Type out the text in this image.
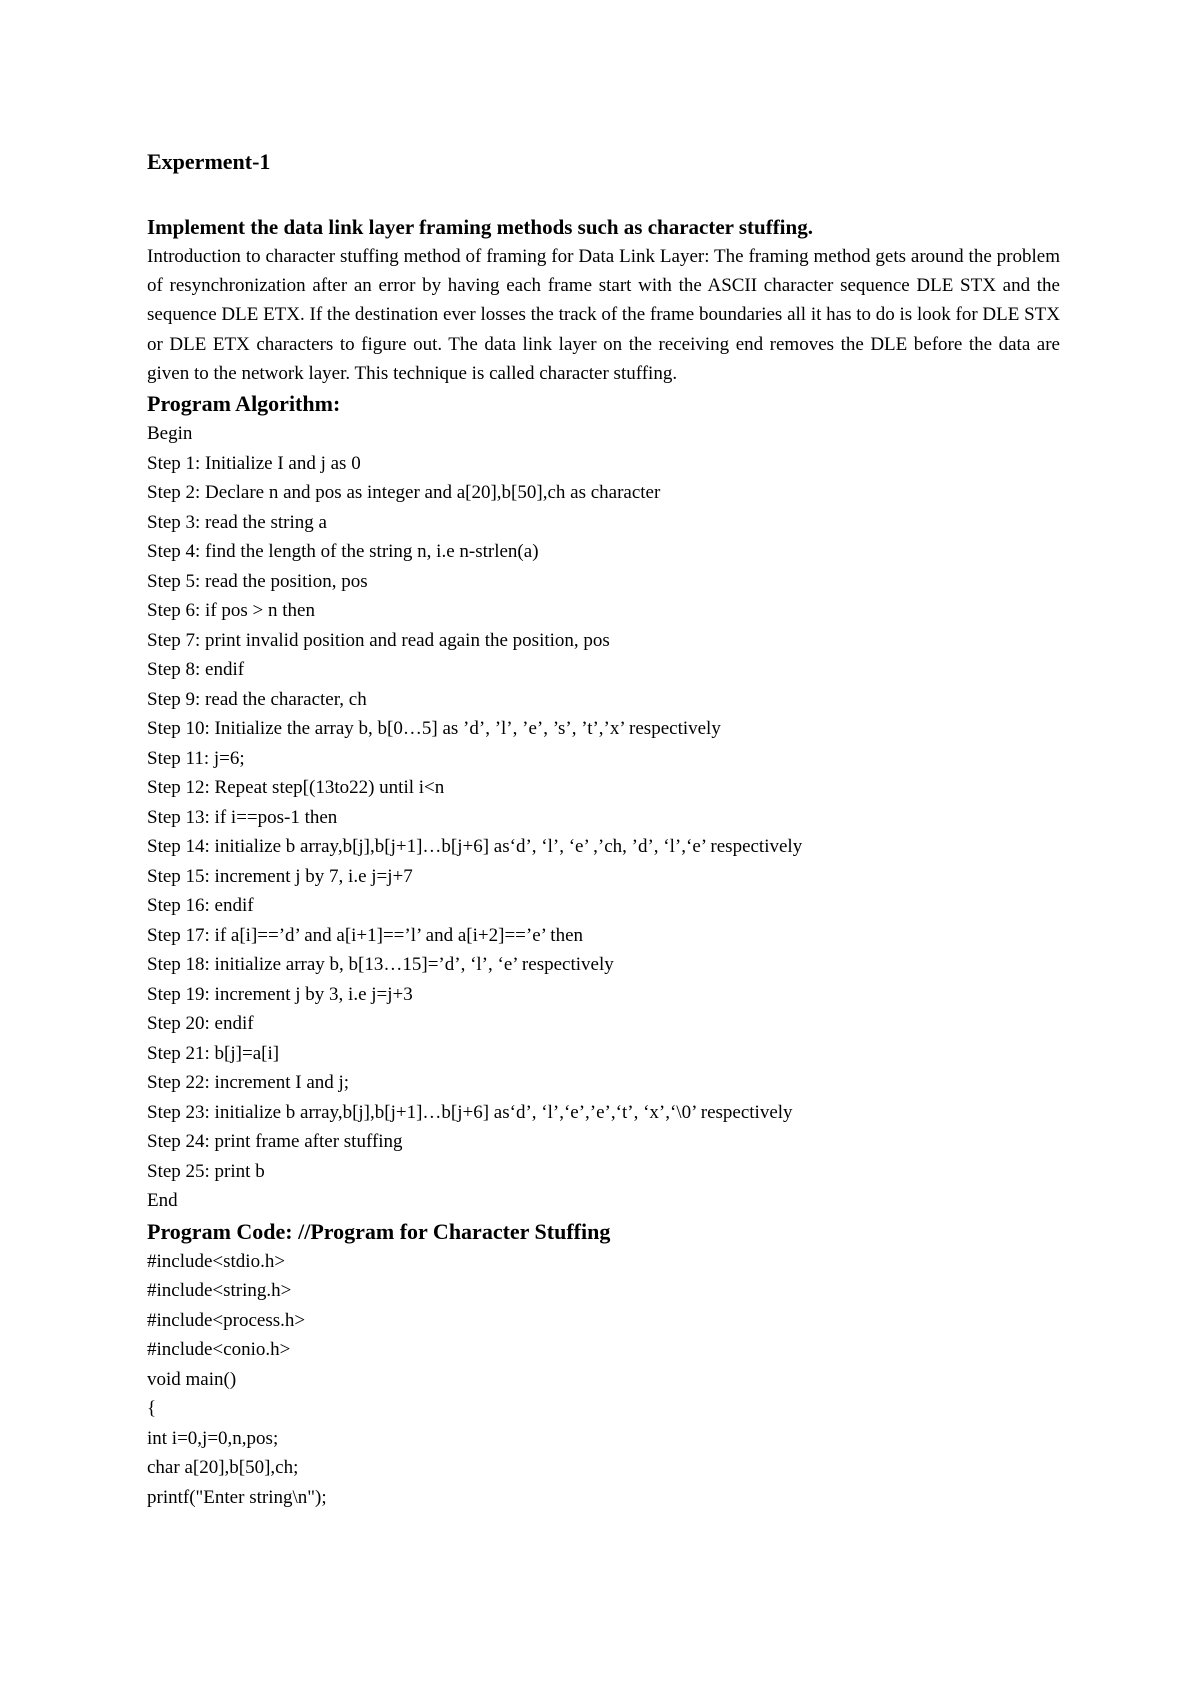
Experment-1

Implement the data link layer framing methods such as character stuffing.

Introduction to character stuffing method of framing for Data Link Layer: The framing method gets around the problem of resynchronization after an error by having each frame start with the ASCII character sequence DLE STX and the sequence DLE ETX. If the destination ever losses the track of the frame boundaries all it has to do is look for DLE STX or DLE ETX characters to figure out. The data link layer on the receiving end removes the DLE before the data are given to the network layer. This technique is called character stuffing.

Program Algorithm:

Begin

Step 1: Initialize I and j as 0

Step 2: Declare n and pos as integer and a[20],b[50],ch as character

Step 3: read the string a

Step 4: find the length of the string n, i.e n-strlen(a)

Step 5: read the position, pos

Step 6: if pos > n then

Step 7: print invalid position and read again the position, pos

Step 8: endif

Step 9: read the character, ch

Step 10: Initialize the array b, b[0…5] as ’d’, ’l’, ’e’, ’s’, ’t’,’x’ respectively

Step 11: j=6;

Step 12: Repeat step[(13to22) until i<n

Step 13: if i==pos-1 then

Step 14: initialize b array,b[j],b[j+1]…b[j+6] as‘d’, ‘l’, ‘e’ ,’ch, ’d’, ‘l’,‘e’ respectively

Step 15: increment j by 7, i.e j=j+7

Step 16: endif

Step 17: if a[i]==’d’ and a[i+1]==’l’ and a[i+2]==’e’ then

Step 18: initialize array b, b[13…15]=’d’, ‘l’, ‘e’ respectively

Step 19: increment j by 3, i.e j=j+3

Step 20: endif

Step 21: b[j]=a[i]

Step 22: increment I and j;

Step 23: initialize b array,b[j],b[j+1]…b[j+6] as‘d’, ‘l’,‘e’,’e’,‘t’, ‘x’,‘\0’ respectively

Step 24: print frame after stuffing

Step 25: print b

End

Program Code: //Program for Character Stuffing

#include<stdio.h>

#include<string.h>

#include<process.h>

#include<conio.h>

void main()

{

int i=0,j=0,n,pos;

char a[20],b[50],ch;

printf("Enter string\n");
